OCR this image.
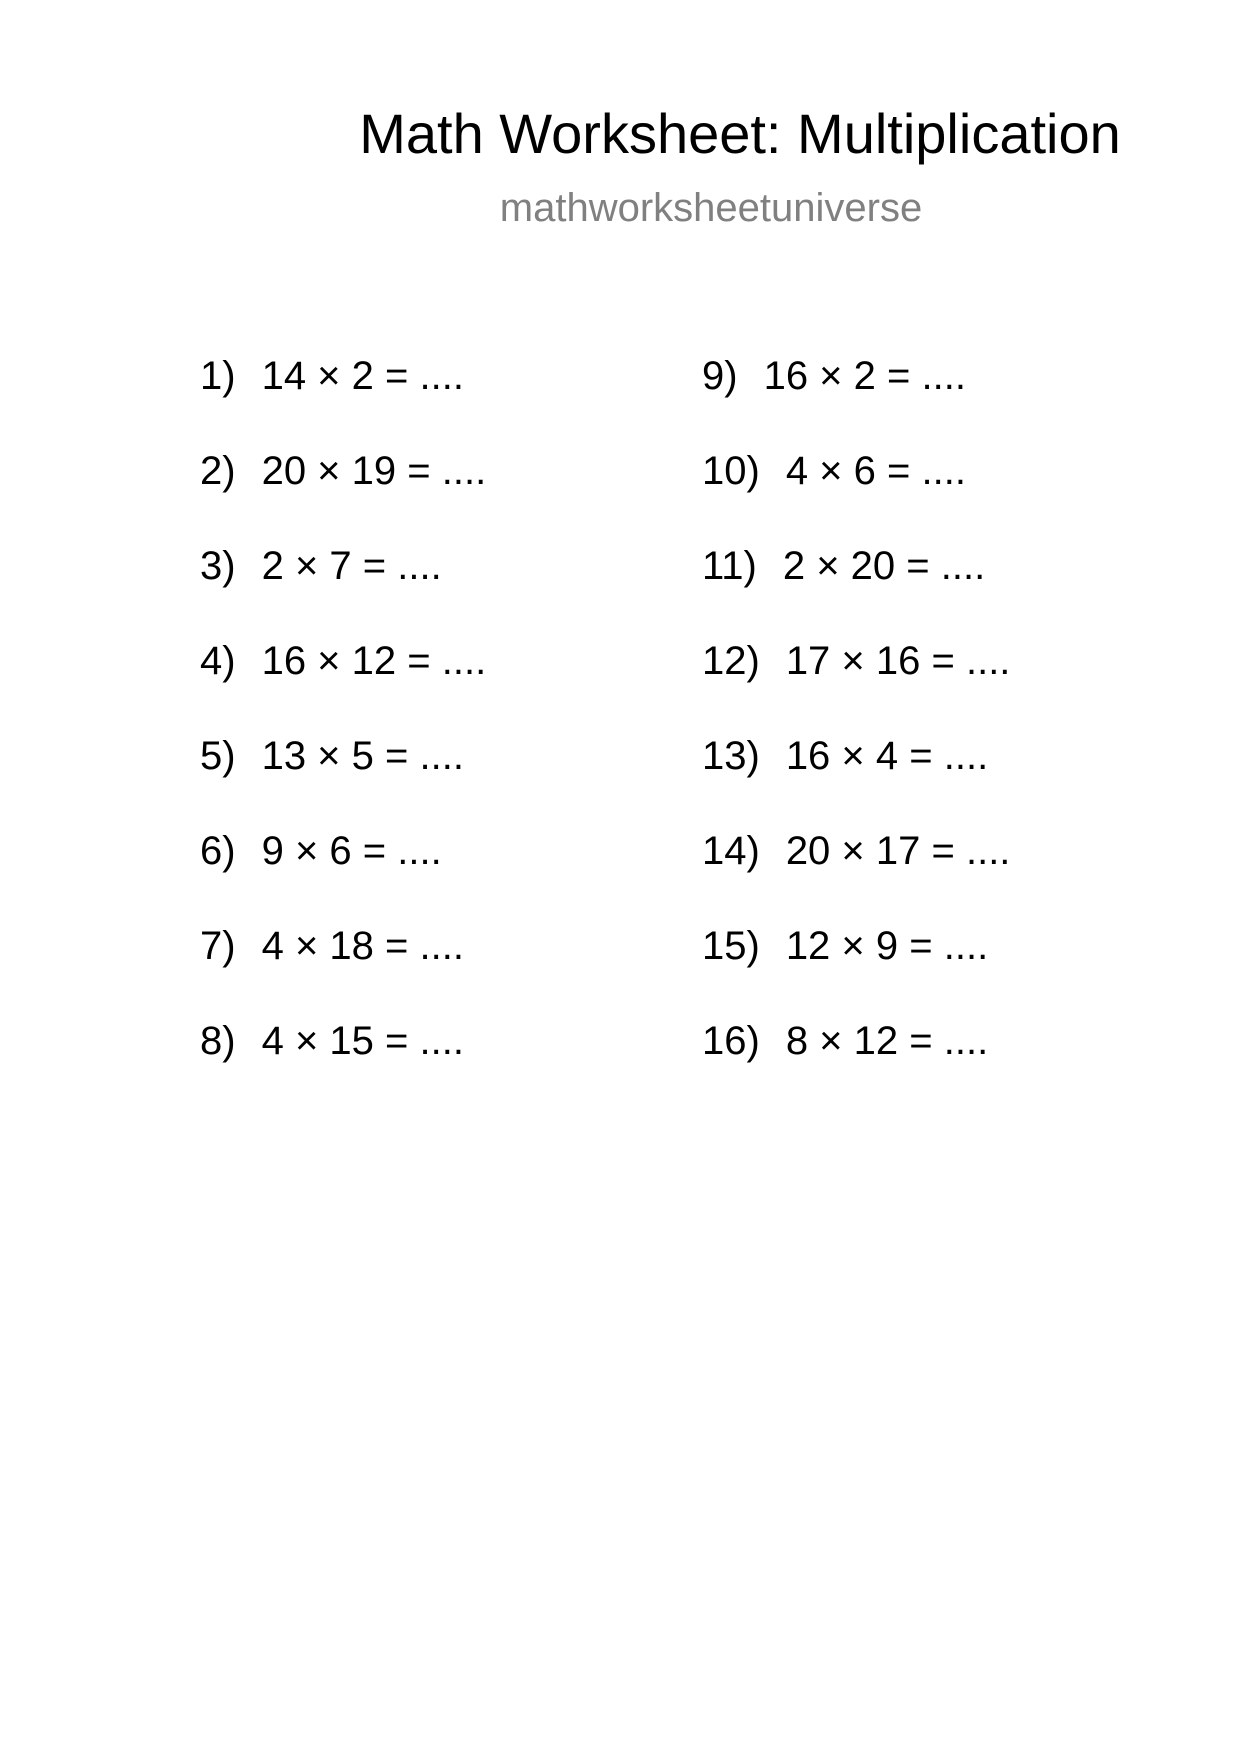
Math Worksheet: Multiplication
mathworksheetuniverse
1) 14 × 2 = ....
2) 20 × 19 = ....
3) 2 × 7 = ....
4) 16 × 12 = ....
5) 13 × 5 = ....
6) 9 × 6 = ....
7) 4 × 18 = ....
8) 4 × 15 = ....
9) 16 × 2 = ....
10) 4 × 6 = ....
11) 2 × 20 = ....
12) 17 × 16 = ....
13) 16 × 4 = ....
14) 20 × 17 = ....
15) 12 × 9 = ....
16) 8 × 12 = ....
